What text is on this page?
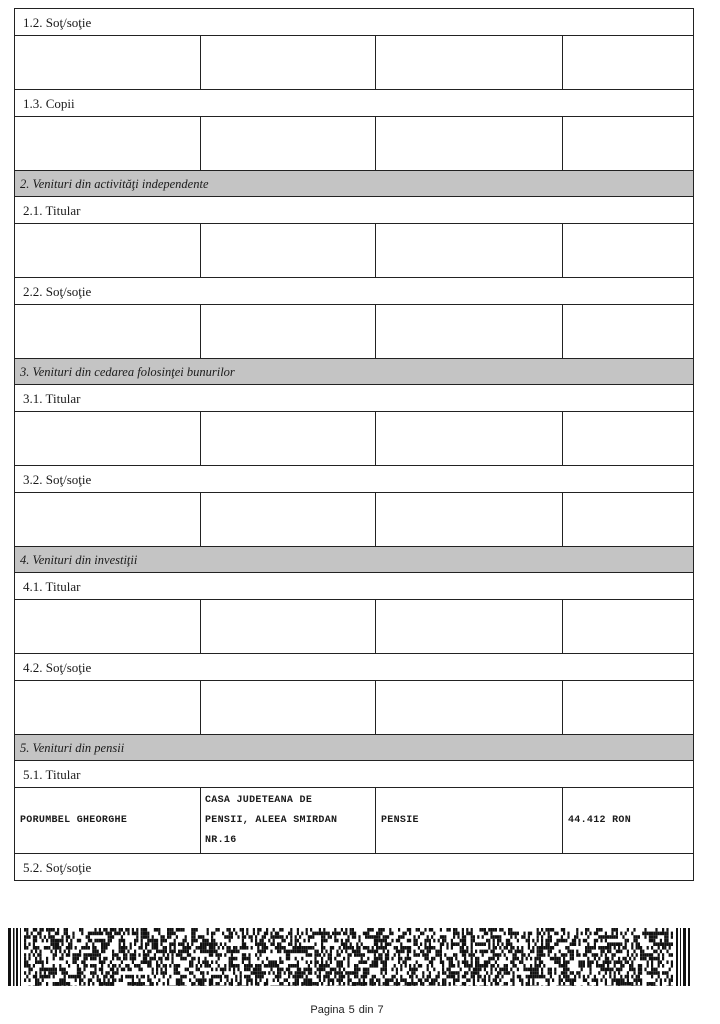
1.2. Soţ/soţie
1.3. Copii
2. Venituri din activităţi independente
2.1. Titular
2.2. Soţ/soţie
3. Venituri din cedarea folosinţei bunurilor
3.1. Titular
3.2. Soţ/soţie
4. Venituri din investiţii
4.1. Titular
4.2. Soţ/soţie
5. Venituri din pensii
5.1. Titular
PORUMBEL GHEORGHE
CASA JUDETEANA DE
PENSII, ALEEA SMIRDAN
NR.16
PENSIE	44.412 RON
5.2. Soţ/soţie
Pagina 5 din 7
